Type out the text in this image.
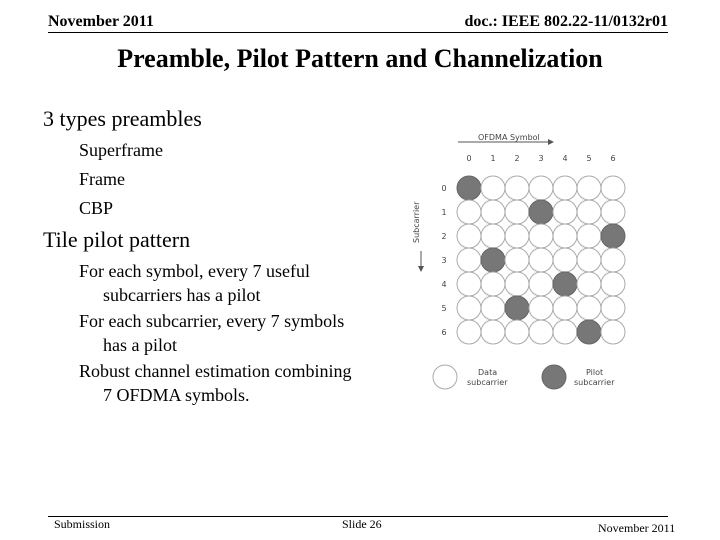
November 2011	doc.: IEEE 802.22-11/0132r01
Preamble, Pilot Pattern and Channelization
3 types preambles
Superframe
Frame
CBP
Tile pilot pattern
For each symbol, every 7 useful
subcarriers has a pilot
For each subcarrier, every 7 symbols
has a pilot
Robust channel estimation combining
7 OFDMA symbols.
OFDMA Symbol
Subcarrier
0 1 2 3 4 5 6
0
1
2
3
4
5
6
Data
subcarrier
Pilot
subcarrier
Submission	Slide 26	November 2011
